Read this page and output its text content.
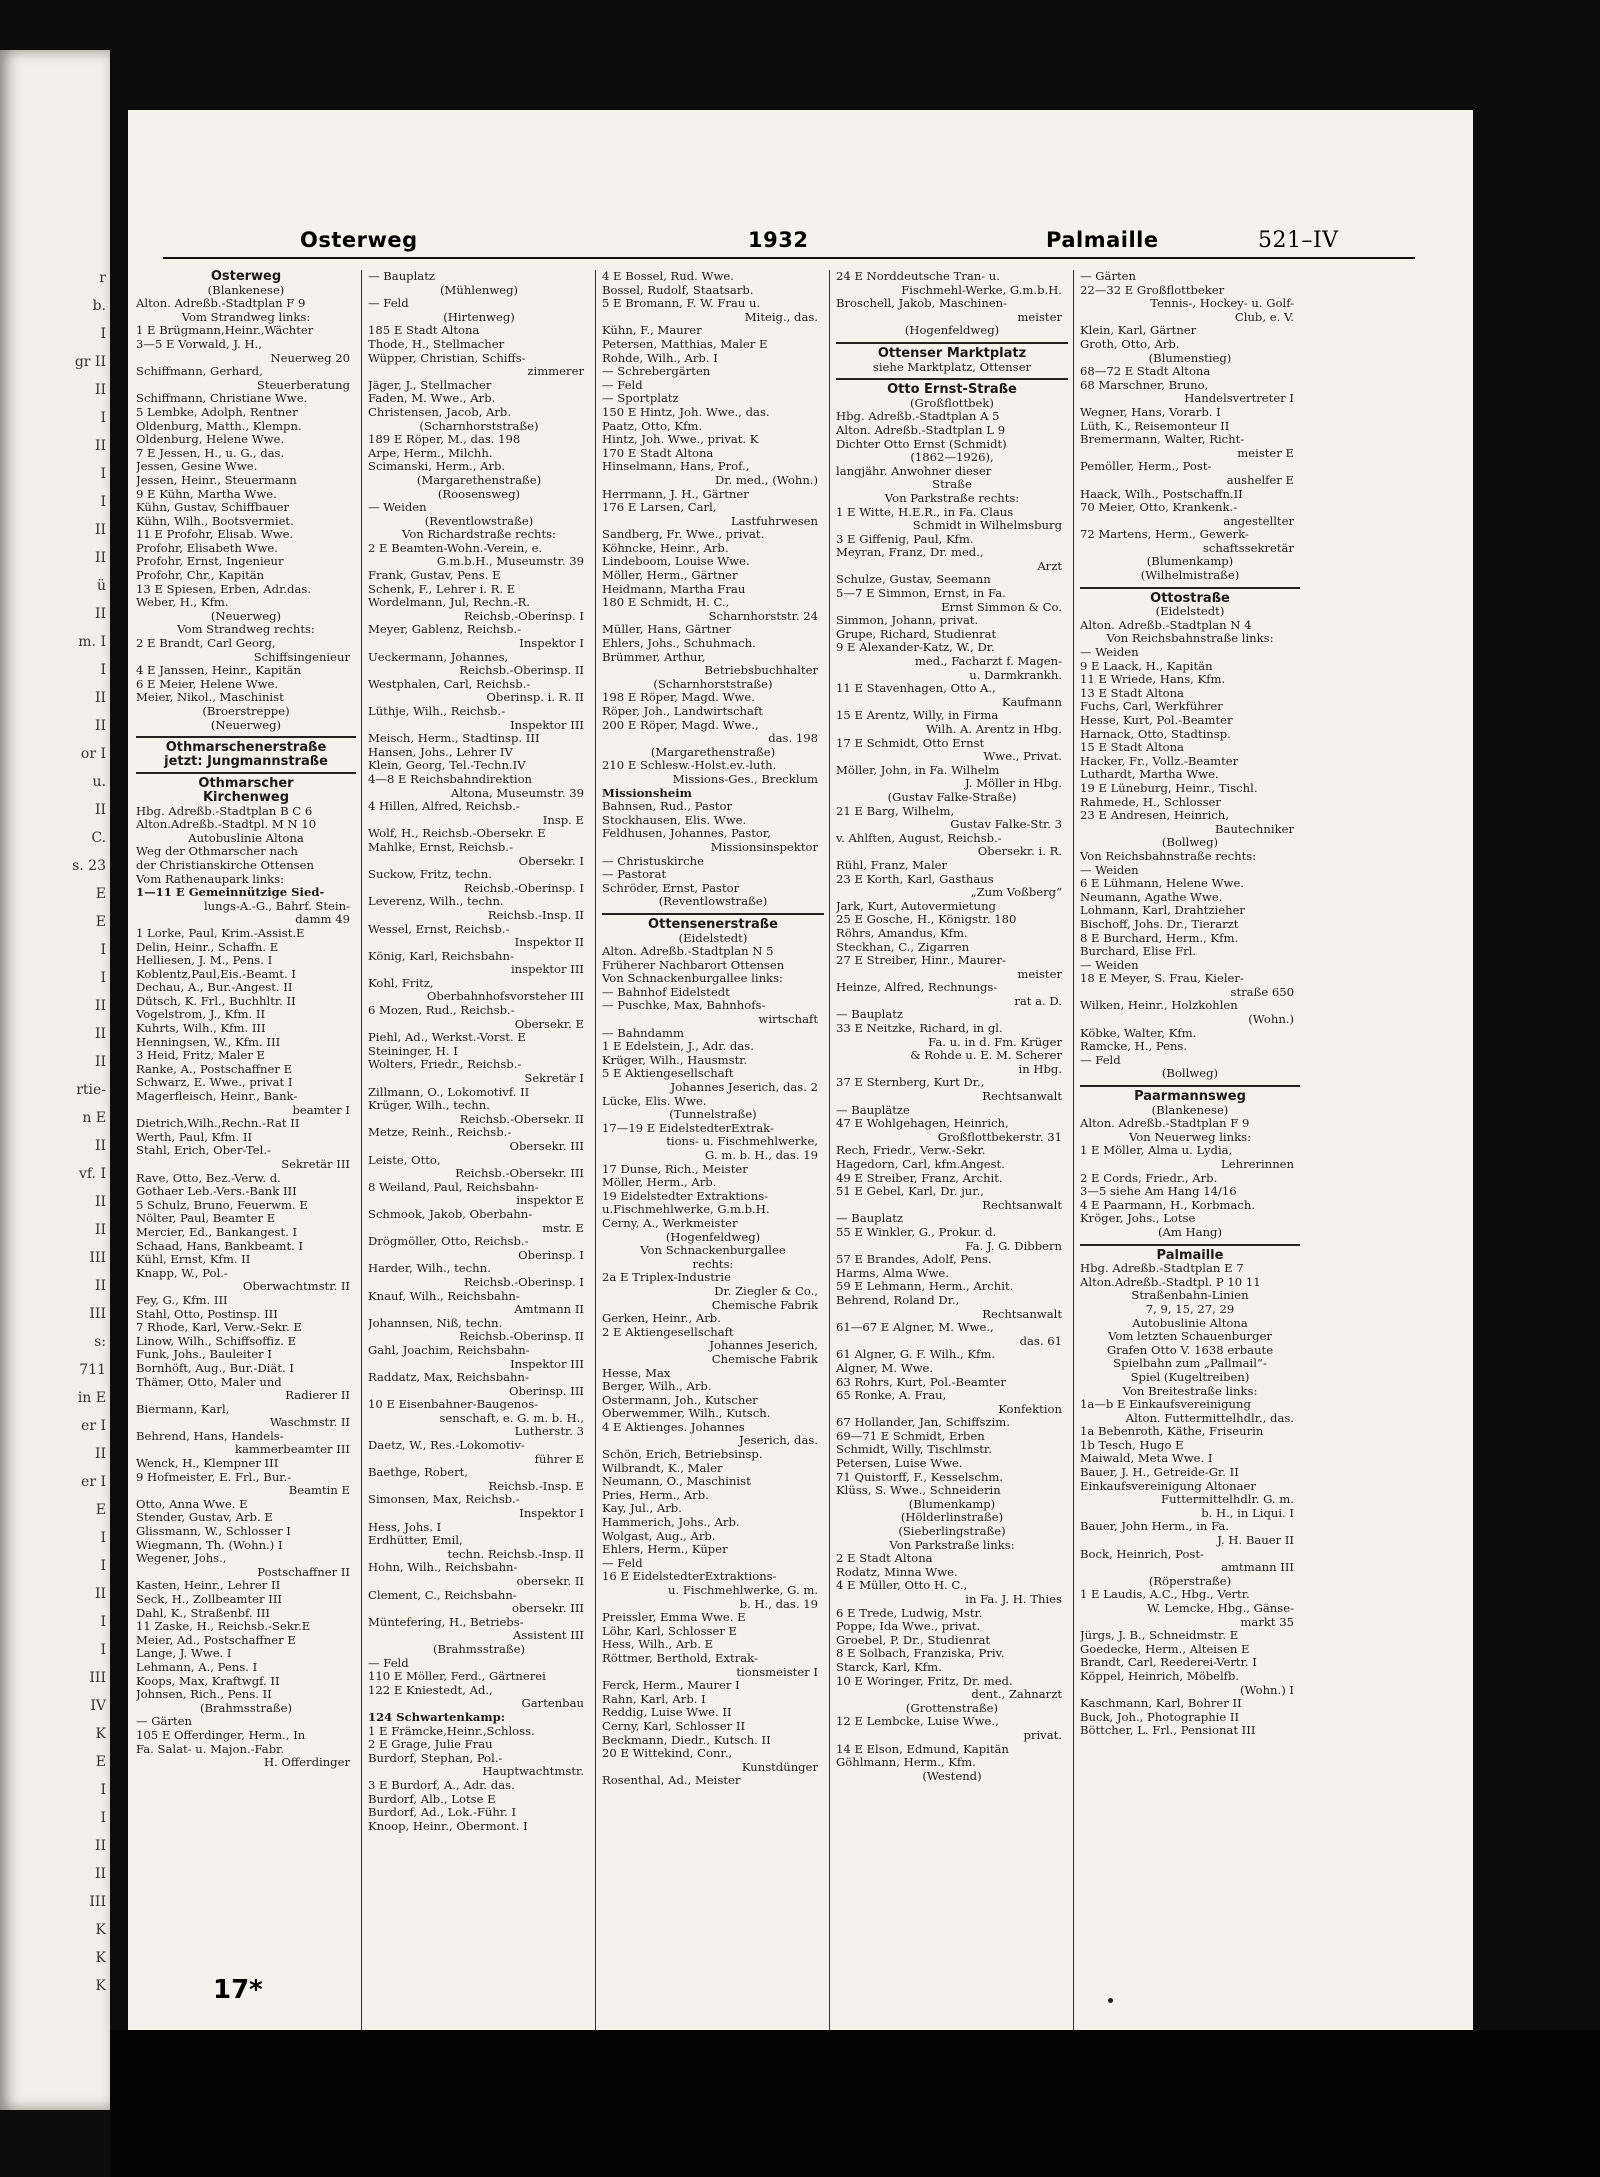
r
b.
I
gr II
II
I
II
I
I
II
II
ü
II
m. I
I
II
II
or I
u.
II
C.
s. 23
E
E
I
I
II
II
II
rtie-
n E
II
vf. I
II
II
III
II
III
s:
711
in E
er I
II
er I
E
I
I
II
I
I
III
IV
K
E
I
I
II
II
III
K
K
K
Osterweg	1932	Palmaille	521–IV
Osterweg
(Blankenese)
Alton. Adreßb.-Stadtplan F 9
Vom Strandweg links:
1 E Brügmann,Heinr.,Wächter
3—5 E Vorwald, J. H.,
Neuerweg 20
Schiffmann, Gerhard,
Steuerberatung
Schiffmann, Christiane Wwe.
5 Lembke, Adolph, Rentner
Oldenburg, Matth., Klempn.
Oldenburg, Helene Wwe.
7 E Jessen, H., u. G., das.
Jessen, Gesine Wwe.
Jessen, Heinr., Steuermann
9 E Kühn, Martha Wwe.
Kühn, Gustav, Schiffbauer
Kühn, Wilh., Bootsvermiet.
11 E Profohr, Elisab. Wwe.
Profohr, Elisabeth Wwe.
Profohr, Ernst, Ingenieur
Profohr, Chr., Kapitän
13 E Spiesen, Erben, Adr.das.
Weber, H., Kfm.
(Neuerweg)
Vom Strandweg rechts:
2 E Brandt, Carl Georg,
Schiffsingenieur
4 E Janssen, Heinr., Kapitän
6 E Meier, Helene Wwe.
Meier, Nikol., Maschinist
(Broerstreppe)
(Neuerweg)
Othmarschenerstraße
jetzt: Jungmannstraße
Othmarscher
Kirchenweg
Hbg. Adreßb.-Stadtplan B C 6
Alton.Adreßb.-Stadtpl. M N 10
Autobuslinie Altona
Weg der Othmarscher nach
der Christianskirche Ottensen
Vom Rathenaupark links:
1—11 E Gemeinnützige Sied-
lungs-A.-G., Bahrf. Stein-
damm 49
1 Lorke, Paul, Krim.-Assist.E
Delin, Heinr., Schaffn. E
Helliesen, J. M., Pens. I
Koblentz,Paul,Eis.-Beamt. I
Dechau, A., Bur.-Angest. II
Dütsch, K. Frl., Buchhltr. II
Vogelstrom, J., Kfm. II
Kuhrts, Wilh., Kfm. III
Henningsen, W., Kfm. III
3 Heid, Fritz, Maler E
Ranke, A., Postschaffner E
Schwarz, E. Wwe., privat I
Magerfleisch, Heinr., Bank-
beamter I
Dietrich,Wilh.,Rechn.-Rat II
Werth, Paul, Kfm. II
Stahl, Erich, Ober-Tel.-
Sekretär III
Rave, Otto, Bez.-Verw. d.
Gothaer Leb.-Vers.-Bank III
5 Schulz, Bruno, Feuerwm. E
Nölter, Paul, Beamter E
Mercier, Ed., Bankangest. I
Schaad, Hans, Bankbeamt. I
Kühl, Ernst, Kfm. II
Knapp, W., Pol.-
Oberwachtmstr. II
Fey, G., Kfm. III
Stahl, Otto, Postinsp. III
7 Rhode, Karl, Verw.-Sekr. E
Linow, Wilh., Schiffsoffiz. E
Funk, Johs., Bauleiter I
Bornhöft, Aug., Bur.-Diät. I
Thämer, Otto, Maler und
Radierer II
Biermann, Karl,
Waschmstr. II
Behrend, Hans, Handels-
kammerbeamter III
Wenck, H., Klempner III
9 Hofmeister, E. Frl., Bur.-
Beamtin E
Otto, Anna Wwe. E
Stender, Gustav, Arb. E
Glissmann, W., Schlosser I
Wiegmann, Th. (Wohn.) I
Wegener, Johs.,
Postschaffner II
Kasten, Heinr., Lehrer II
Seck, H., Zollbeamter III
Dahl, K., Straßenbf. III
11 Zaske, H., Reichsb.-Sekr.E
Meier, Ad., Postschaffner E
Lange, J. Wwe. I
Lehmann, A., Pens. I
Koops, Max, Kraftwgf. II
Johnsen, Rich., Pens. II
(Brahmsstraße)
— Gärten
105 E Offerdinger, Herm., In
Fa. Salat- u. Majon.-Fabr.
H. Offerdinger
— Bauplatz
(Mühlenweg)
— Feld
(Hirtenweg)
185 E Stadt Altona
Thode, H., Stellmacher
Wüpper, Christian, Schiffs-
zimmerer
Jäger, J., Stellmacher
Faden, M. Wwe., Arb.
Christensen, Jacob, Arb.
(Scharnhorststraße)
189 E Röper, M., das. 198
Arpe, Herm., Milchh.
Scimanski, Herm., Arb.
(Margarethenstraße)
(Roosensweg)
— Weiden
(Reventlowstraße)
Von Richardstraße rechts:
2 E Beamten-Wohn.-Verein, e.
G.m.b.H., Museumstr. 39
Frank, Gustav, Pens. E
Schenk, F., Lehrer i. R. E
Wordelmann, Jul, Rechn.-R.
Reichsb.-Oberinsp. I
Meyer, Gablenz, Reichsb.-
Inspektor I
Ueckermann, Johannes,
Reichsb.-Oberinsp. II
Westphalen, Carl, Reichsb.-
Oberinsp. i. R. II
Lüthje, Wilh., Reichsb.-
Inspektor III
Meisch, Herm., Stadtinsp. III
Hansen, Johs., Lehrer IV
Klein, Georg, Tel.-Techn.IV
4—8 E Reichsbahndirektion
Altona, Museumstr. 39
4 Hillen, Alfred, Reichsb.-
Insp. E
Wolf, H., Reichsb.-Obersekr. E
Mahlke, Ernst, Reichsb.-
Obersekr. I
Suckow, Fritz, techn.
Reichsb.-Oberinsp. I
Leverenz, Wilh., techn.
Reichsb.-Insp. II
Wessel, Ernst, Reichsb.-
Inspektor II
König, Karl, Reichsbahn-
inspektor III
Kohl, Fritz,
Oberbahnhofsvorsteher III
6 Mozen, Rud., Reichsb.-
Obersekr. E
Piehl, Ad., Werkst.-Vorst. E
Steininger, H. I
Wolters, Friedr., Reichsb.-
Sekretär I
Zillmann, O., Lokomotivf. II
Krüger, Wilh., techn.
Reichsb.-Obersekr. II
Metze, Reinh., Reichsb.-
Obersekr. III
Leiste, Otto,
Reichsb.-Obersekr. III
8 Weiland, Paul, Reichsbahn-
inspektor E
Schmook, Jakob, Oberbahn-
mstr. E
Drögmöller, Otto, Reichsb.-
Oberinsp. I
Harder, Wilh., techn.
Reichsb.-Oberinsp. I
Knauf, Wilh., Reichsbahn-
Amtmann II
Johannsen, Niß, techn.
Reichsb.-Oberinsp. II
Gahl, Joachim, Reichsbahn-
Inspektor III
Raddatz, Max, Reichsbahn-
Oberinsp. III
10 E Eisenbahner-Baugenos-
senschaft, e. G. m. b. H.,
Lutherstr. 3
Daetz, W., Res.-Lokomotiv-
führer E
Baethge, Robert,
Reichsb.-Insp. E
Simonsen, Max, Reichsb.-
Inspektor I
Hess, Johs. I
Erdhütter, Emil,
techn. Reichsb.-Insp. II
Hohn, Wilh., Reichsbahn-
obersekr. II
Clement, C., Reichsbahn-
obersekr. III
Müntefering, H., Betriebs-
Assistent III
(Brahmsstraße)
— Feld
110 E Möller, Ferd., Gärtnerei
122 E Kniestedt, Ad.,
Gartenbau
124 Schwartenkamp:
1 E Främcke,Heinr.,Schloss.
2 E Grage, Julie Frau
Burdorf, Stephan, Pol.-
Hauptwachtmstr.
3 E Burdorf, A., Adr. das.
Burdorf, Alb., Lotse E
Burdorf, Ad., Lok.-Führ. I
Knoop, Heinr., Obermont. I
4 E Bossel, Rud. Wwe.
Bossel, Rudolf, Staatsarb.
5 E Bromann, F. W. Frau u.
Miteig., das.
Kühn, F., Maurer
Petersen, Matthias, Maler E
Rohde, Wilh., Arb. I
— Schrebergärten
— Feld
— Sportplatz
150 E Hintz, Joh. Wwe., das.
Paatz, Otto, Kfm.
Hintz, Joh. Wwe., privat. K
170 E Stadt Altona
Hinselmann, Hans, Prof.,
Dr. med., (Wohn.)
Herrmann, J. H., Gärtner
176 E Larsen, Carl,
Lastfuhrwesen
Sandberg, Fr. Wwe., privat.
Köhncke, Heinr., Arb.
Lindeboom, Louise Wwe.
Möller, Herm., Gärtner
Heidmann, Martha Frau
180 E Schmidt, H. C.,
Scharnhorststr. 24
Müller, Hans, Gärtner
Ehlers, Johs., Schuhmach.
Brümmer, Arthur,
Betriebsbuchhalter
(Scharnhorststraße)
198 E Röper, Magd. Wwe.
Röper, Joh., Landwirtschaft
200 E Röper, Magd. Wwe.,
das. 198
(Margarethenstraße)
210 E Schlesw.-Holst.ev.-luth.
Missions-Ges., Brecklum
Missionsheim
Bahnsen, Rud., Pastor
Stockhausen, Elis. Wwe.
Feldhusen, Johannes, Pastor,
Missionsinspektor
— Christuskirche
— Pastorat
Schröder, Ernst, Pastor
(Reventlowstraße)
Ottensenerstraße
(Eidelstedt)
Alton. Adreßb.-Stadtplan N 5
Früherer Nachbarort Ottensen
Von Schnackenburgallee links:
— Bahnhof Eidelstedt
— Puschke, Max, Bahnhofs-
wirtschaft
— Bahndamm
1 E Edelstein, J., Adr. das.
Krüger, Wilh., Hausmstr.
5 E Aktiengesellschaft
Johannes Jeserich, das. 2
Lücke, Elis. Wwe.
(Tunnelstraße)
17—19 E EidelstedterExtrak-
tions- u. Fischmehlwerke,
G. m. b. H., das. 19
17 Dunse, Rich., Meister
Möller, Herm., Arb.
19 Eidelstedter Extraktions-
u.Fischmehlwerke, G.m.b.H.
Cerny, A., Werkmeister
(Hogenfeldweg)
Von Schnackenburgallee
rechts:
2a E Triplex-Industrie
Dr. Ziegler & Co.,
Chemische Fabrik
Gerken, Heinr., Arb.
2 E Aktiengesellschaft
Johannes Jeserich,
Chemische Fabrik
Hesse, Max
Berger, Wilh., Arb.
Ostermann, Joh., Kutscher
Oberwemmer, Wilh., Kutsch.
4 E Aktienges. Johannes
Jeserich, das.
Schön, Erich, Betriebsinsp.
Wilbrandt, K., Maler
Neumann, O., Maschinist
Pries, Herm., Arb.
Kay, Jul., Arb.
Hammerich, Johs., Arb.
Wolgast, Aug., Arb.
Ehlers, Herm., Küper
— Feld
16 E EidelstedterExtraktions-
u. Fischmehlwerke, G. m.
b. H., das. 19
Preissler, Emma Wwe. E
Löhr, Karl, Schlosser E
Hess, Wilh., Arb. E
Röttmer, Berthold, Extrak-
tionsmeister I
Ferck, Herm., Maurer I
Rahn, Karl, Arb. I
Reddig, Luise Wwe. II
Cerny, Karl, Schlosser II
Beckmann, Diedr., Kutsch. II
20 E Wittekind, Conr.,
Kunstdünger
Rosenthal, Ad., Meister
24 E Norddeutsche Tran- u.
Fischmehl-Werke, G.m.b.H.
Broschell, Jakob, Maschinen-
meister
(Hogenfeldweg)
Ottenser Marktplatz
siehe Marktplatz, Ottenser
Otto Ernst-Straße
(Großflottbek)
Hbg. Adreßb.-Stadtplan A 5
Alton. Adreßb.-Stadtplan L 9
Dichter Otto Ernst (Schmidt)
(1862—1926),
langjähr. Anwohner dieser
Straße
Von Parkstraße rechts:
1 E Witte, H.E.R., in Fa. Claus
Schmidt in Wilhelmsburg
3 E Giffenig, Paul, Kfm.
Meyran, Franz, Dr. med.,
Arzt
Schulze, Gustav, Seemann
5—7 E Simmon, Ernst, in Fa.
Ernst Simmon & Co.
Simmon, Johann, privat.
Grupe, Richard, Studienrat
9 E Alexander-Katz, W., Dr.
med., Facharzt f. Magen-
u. Darmkrankh.
11 E Stavenhagen, Otto A.,
Kaufmann
15 E Arentz, Willy, in Firma
Wilh. A. Arentz in Hbg.
17 E Schmidt, Otto Ernst
Wwe., Privat.
Möller, John, in Fa. Wilhelm
J. Möller in Hbg.
(Gustav Falke-Straße)
21 E Barg, Wilhelm,
Gustav Falke-Str. 3
v. Ahlften, August, Reichsb.-
Obersekr. i. R.
Rühl, Franz, Maler
23 E Korth, Karl, Gasthaus
„Zum Voßberg“
Jark, Kurt, Autovermietung
25 E Gosche, H., Königstr. 180
Röhrs, Amandus, Kfm.
Steckhan, C., Zigarren
27 E Streiber, Hinr., Maurer-
meister
Heinze, Alfred, Rechnungs-
rat a. D.
— Bauplatz
33 E Neitzke, Richard, in gl.
Fa. u. in d. Fm. Krüger
& Rohde u. E. M. Scherer
in Hbg.
37 E Sternberg, Kurt Dr.,
Rechtsanwalt
— Bauplätze
47 E Wohlgehagen, Heinrich,
Großflottbekerstr. 31
Rech, Friedr., Verw.-Sekr.
Hagedorn, Carl, kfm.Angest.
49 E Streiber, Franz, Archit.
51 E Gebel, Karl, Dr. jur.,
Rechtsanwalt
— Bauplatz
55 E Winkler, G., Prokur. d.
Fa. J. G. Dibbern
57 E Brandes, Adolf, Pens.
Harms, Alma Wwe.
59 E Lehmann, Herm., Archit.
Behrend, Roland Dr.,
Rechtsanwalt
61—67 E Algner, M. Wwe.,
das. 61
61 Algner, G. F. Wilh., Kfm.
Algner, M. Wwe.
63 Rohrs, Kurt, Pol.-Beamter
65 Ronke, A. Frau,
Konfektion
67 Hollander, Jan, Schiffszim.
69—71 E Schmidt, Erben
Schmidt, Willy, Tischlmstr.
Petersen, Luise Wwe.
71 Quistorff, F., Kesselschm.
Klüss, S. Wwe., Schneiderin
(Blumenkamp)
(Hölderlinstraße)
(Sieberlingstraße)
Von Parkstraße links:
2 E Stadt Altona
Rodatz, Minna Wwe.
4 E Müller, Otto H. C.,
in Fa. J. H. Thies
6 E Trede, Ludwig, Mstr.
Poppe, Ida Wwe., privat.
Groebel, P. Dr., Studienrat
8 E Solbach, Franziska, Priv.
Starck, Karl, Kfm.
10 E Woringer, Fritz, Dr. med.
dent., Zahnarzt
(Grottenstraße)
12 E Lembcke, Luise Wwe.,
privat.
14 E Elson, Edmund, Kapitän
Göhlmann, Herm., Kfm.
(Westend)
— Gärten
22—32 E Großflottbeker
Tennis-, Hockey- u. Golf-
Club, e. V.
Klein, Karl, Gärtner
Groth, Otto, Arb.
(Blumenstieg)
68—72 E Stadt Altona
68 Marschner, Bruno,
Handelsvertreter I
Wegner, Hans, Vorarb. I
Lüth, K., Reisemonteur II
Bremermann, Walter, Richt-
meister E
Pemöller, Herm., Post-
aushelfer E
Haack, Wilh., Postschaffn.II
70 Meier, Otto, Krankenk.-
angestellter
72 Martens, Herm., Gewerk-
schaftssekretär
(Blumenkamp)
(Wilhelmistraße)
Ottostraße
(Eidelstedt)
Alton. Adreßb.-Stadtplan N 4
Von Reichsbahnstraße links:
— Weiden
9 E Laack, H., Kapitän
11 E Wriede, Hans, Kfm.
13 E Stadt Altona
Fuchs, Carl, Werkführer
Hesse, Kurt, Pol.-Beamter
Harnack, Otto, Stadtinsp.
15 E Stadt Altona
Hacker, Fr., Vollz.-Beamter
Luthardt, Martha Wwe.
19 E Lüneburg, Heinr., Tischl.
Rahmede, H., Schlosser
23 E Andresen, Heinrich,
Bautechniker
(Bollweg)
Von Reichsbahnstraße rechts:
— Weiden
6 E Lühmann, Helene Wwe.
Neumann, Agathe Wwe.
Lohmann, Karl, Drahtzieher
Bischoff, Johs. Dr., Tierarzt
8 E Burchard, Herm., Kfm.
Burchard, Elise Frl.
— Weiden
18 E Meyer, S. Frau, Kieler-
straße 650
Wilken, Heinr., Holzkohlen
(Wohn.)
Köbke, Walter, Kfm.
Ramcke, H., Pens.
— Feld
(Bollweg)
Paarmannsweg
(Blankenese)
Alton. Adreßb.-Stadtplan F 9
Von Neuerweg links:
1 E Möller, Alma u. Lydia,
Lehrerinnen
2 E Cords, Friedr., Arb.
3—5 siehe Am Hang 14/16
4 E Paarmann, H., Korbmach.
Kröger, Johs., Lotse
(Am Hang)
Palmaille
Hbg. Adreßb.-Stadtplan E 7
Alton.Adreßb.-Stadtpl. P 10 11
Straßenbahn-Linien
7, 9, 15, 27, 29
Autobuslinie Altona
Vom letzten Schauenburger
Grafen Otto V. 1638 erbaute
Spielbahn zum „Pallmail“-
Spiel (Kugeltreiben)
Von Breitestraße links:
1a—b E Einkaufsvereinigung
Alton. Futtermittelhdlr., das.
1a Bebenroth, Käthe, Friseurin
1b Tesch, Hugo E
Maiwald, Meta Wwe. I
Bauer, J. H., Getreide-Gr. II
Einkaufsvereinigung Altonaer
Futtermittelhdlr. G. m.
b. H., in Liqui. I
Bauer, John Herm., in Fa.
J. H. Bauer II
Bock, Heinrich, Post-
amtmann III
(Röperstraße)
1 E Laudis, A.C., Hbg., Vertr.
W. Lemcke, Hbg., Gänse-
markt 35
Jürgs, J. B., Schneidmstr. E
Goedecke, Herm., Alteisen E
Brandt, Carl, Reederei-Vertr. I
Köppel, Heinrich, Möbelfb.
(Wohn.) I
Kaschmann, Karl, Bohrer II
Buck, Joh., Photographie II
Böttcher, L. Frl., Pensionat III
17*
